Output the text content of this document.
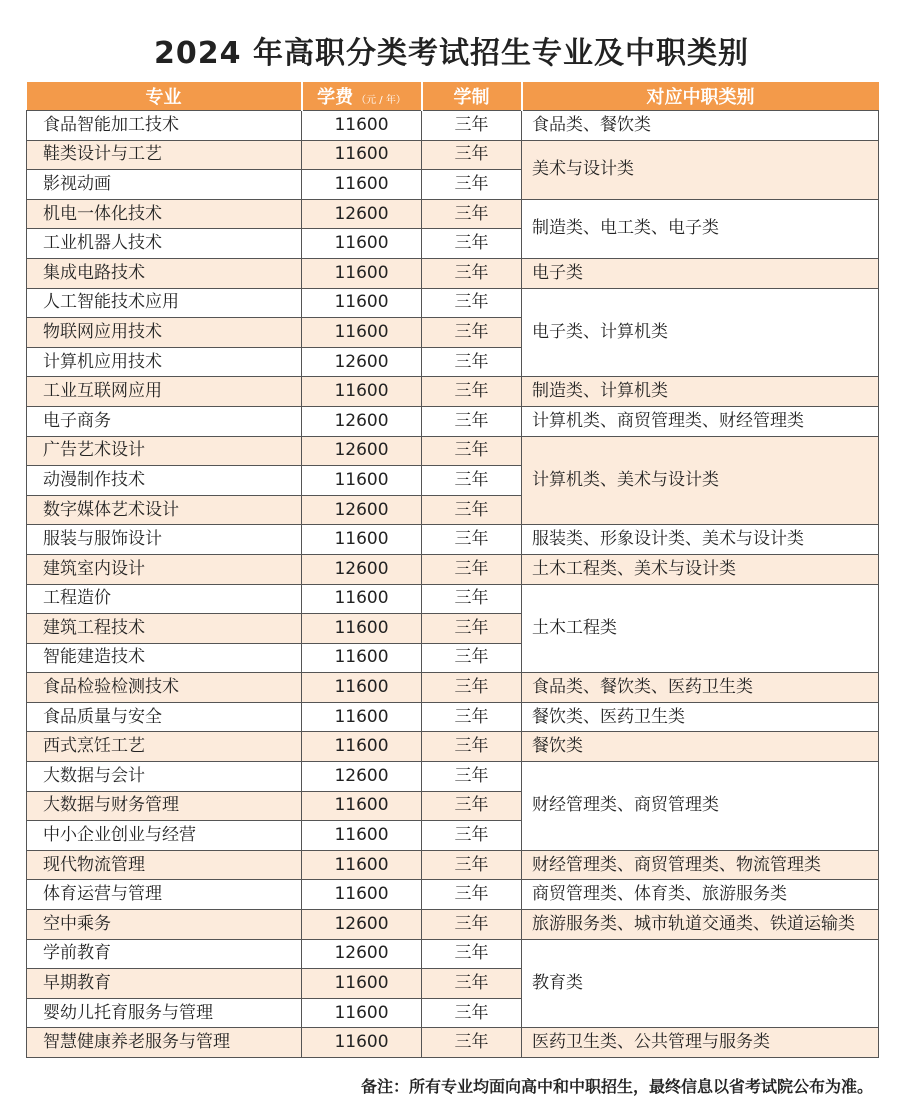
2024 年高职分类考试招生专业及中职类别
专业	学费 （元 / 年）	学制	对应中职类别
食品智能加工技术	11600	三年	食品类、餐饮类
鞋类设计与工艺	11600	三年	美术与设计类
影视动画	11600	三年	
机电一体化技术	12600	三年	制造类、电工类、电子类
工业机器人技术	11600	三年	
集成电路技术	11600	三年	电子类
人工智能技术应用	11600	三年	电子类、计算机类
物联网应用技术	11600	三年	
计算机应用技术	12600	三年	
工业互联网应用	11600	三年	制造类、计算机类
电子商务	12600	三年	计算机类、商贸管理类、财经管理类
广告艺术设计	12600	三年	计算机类、美术与设计类
动漫制作技术	11600	三年	
数字媒体艺术设计	12600	三年	
服装与服饰设计	11600	三年	服装类、形象设计类、美术与设计类
建筑室内设计	12600	三年	土木工程类、美术与设计类
工程造价	11600	三年	土木工程类
建筑工程技术	11600	三年	
智能建造技术	11600	三年	
食品检验检测技术	11600	三年	食品类、餐饮类、医药卫生类
食品质量与安全	11600	三年	餐饮类、医药卫生类
西式烹饪工艺	11600	三年	餐饮类
大数据与会计	12600	三年	财经管理类、商贸管理类
大数据与财务管理	11600	三年	
中小企业创业与经营	11600	三年	
现代物流管理	11600	三年	财经管理类、商贸管理类、物流管理类
体育运营与管理	11600	三年	商贸管理类、体育类、旅游服务类
空中乘务	12600	三年	旅游服务类、城市轨道交通类、铁道运输类
学前教育	12600	三年	教育类
早期教育	11600	三年	
婴幼儿托育服务与管理	11600	三年	
智慧健康养老服务与管理	11600	三年	医药卫生类、公共管理与服务类
备注：所有专业均面向高中和中职招生，最终信息以省考试院公布为准。
